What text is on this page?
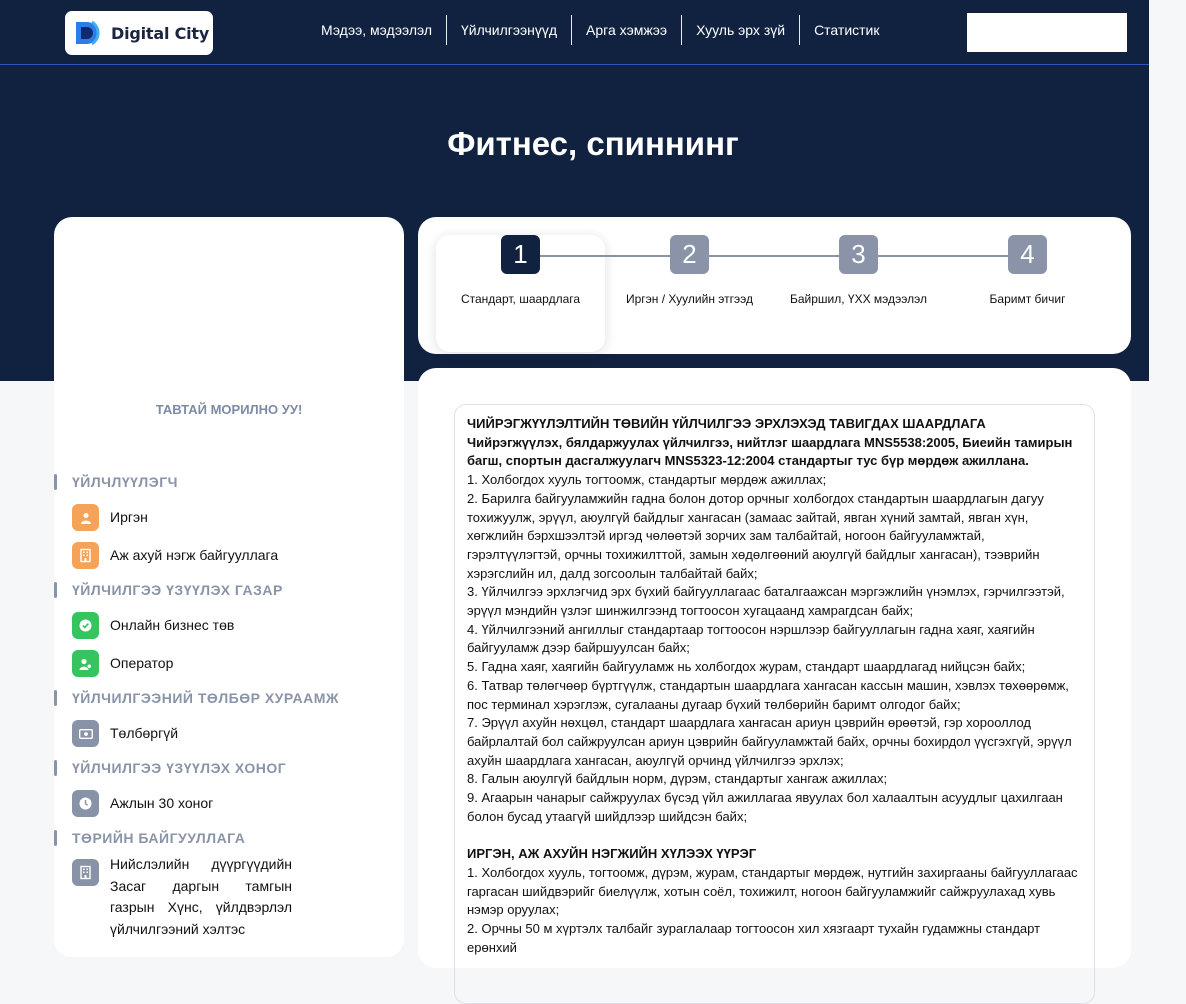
Digital City	Мэдээ, мэдээлэл	Үйлчилгээнүүд	Арга хэмжээ	Хууль эрх зүй	Статистик
Фитнес, спиннинг
ТАВТАЙ МОРИЛНО УУ!
ҮЙЛЧЛҮҮЛЭГЧ
Иргэн
Аж ахуй нэгж байгууллага
ҮЙЛЧИЛГЭЭ ҮЗҮҮЛЭХ ГАЗАР
Онлайн бизнес төв
Оператор
ҮЙЛЧИЛГЭЭНИЙ ТӨЛБӨР ХУРААМЖ
Төлбөргүй
ҮЙЛЧИЛГЭЭ ҮЗҮҮЛЭХ ХОНОГ
Ажлын 30 хоног
ТӨРИЙН БАЙГУУЛЛАГА
Нийслэлийн дүүргүүдийн Засаг даргын тамгын газрын Хүнс, үйлдвэрлэл үйлчилгээний хэлтэс
1	2	3	4
Стандарт, шаардлага	Иргэн / Хуулийн этгээд	Байршил, ҮХХ мэдээлэл	Баримт бичиг

ЧИЙРЭГЖҮҮЛЭЛТИЙН ТӨВИЙН ҮЙЛЧИЛГЭЭ ЭРХЛЭХЭД ТАВИГДАХ ШААРДЛАГА

Чийрэгжүүлэх, бялдаржуулах үйлчилгээ, нийтлэг шаардлага MNS5538:2005, Биеийн тамирын багш, спортын дасгалжуулагч MNS5323-12:2004 стандартыг тус бүр мөрдөж ажиллана.

1. Холбогдох хууль тогтоомж, стандартыг мөрдөж ажиллах;

2. Барилга байгууламжийн гадна болон дотор орчныг холбогдох стандартын шаардлагын дагуу тохижуулж, эрүүл, аюулгүй байдлыг хангасан (замаас зайтай, явган хүний замтай, явган хүн, хөгжлийн бэрхшээлтэй иргэд чөлөөтэй зорчих зам талбайтай, ногоон байгууламжтай, гэрэлтүүлэгтэй, орчны тохижилттой, замын хөдөлгөөний аюулгүй байдлыг хангасан), тээврийн хэрэгслийн ил, далд зогсоолын талбайтай байх;

3. Үйлчилгээ эрхлэгчид эрх бүхий байгууллагаас баталгаажсан мэргэжлийн үнэмлэх, гэрчилгээтэй, эрүүл мэндийн үзлэг шинжилгээнд тогтоосон хугацаанд хамрагдсан байх;

4. Үйлчилгээний ангиллыг стандартаар тогтоосон нэршлээр байгууллагын гадна хаяг, хаягийн байгууламж дээр байршуулсан байх;

5. Гадна хаяг, хаягийн байгууламж нь холбогдох журам, стандарт шаардлагад нийцсэн байх;

6. Татвар төлөгчөөр бүртгүүлж, стандартын шаардлага хангасан кассын машин, хэвлэх төхөөрөмж, пос терминал хэрэглэж, сугалааны дугаар бүхий төлбөрийн баримт олгодог байх;

7. Эрүүл ахуйн нөхцөл, стандарт шаардлага хангасан ариун цэврийн өрөөтэй, гэр хорооллод байрлалтай бол сайжруулсан ариун цэврийн байгууламжтай байх, орчны бохирдол үүсгэхгүй, эрүүл ахуйн шаардлага хангасан, аюулгүй орчинд үйлчилгээ эрхлэх;

8. Галын аюулгүй байдлын норм, дүрэм, стандартыг хангаж ажиллах;

9. Агаарын чанарыг сайжруулах бүсэд үйл ажиллагаа явуулах бол халаалтын асуудлыг цахилгаан болон бусад утаагүй шийдлээр шийдсэн байх;

ИРГЭН, АЖ АХУЙН НЭГЖИЙН ХҮЛЭЭХ ҮҮРЭГ

1. Холбогдох хууль, тогтоомж, дүрэм, журам, стандартыг мөрдөж, нутгийн захиргааны байгууллагаас гаргасан шийдвэрийг биелүүлж, хотын соёл, тохижилт, ногоон байгууламжийг сайжруулахад хувь нэмэр оруулах;

2. Орчны 50 м хүртэлх талбайг зураглалаар тогтоосон хил хязгаарт тухайн гудамжны стандарт ерөнхий
